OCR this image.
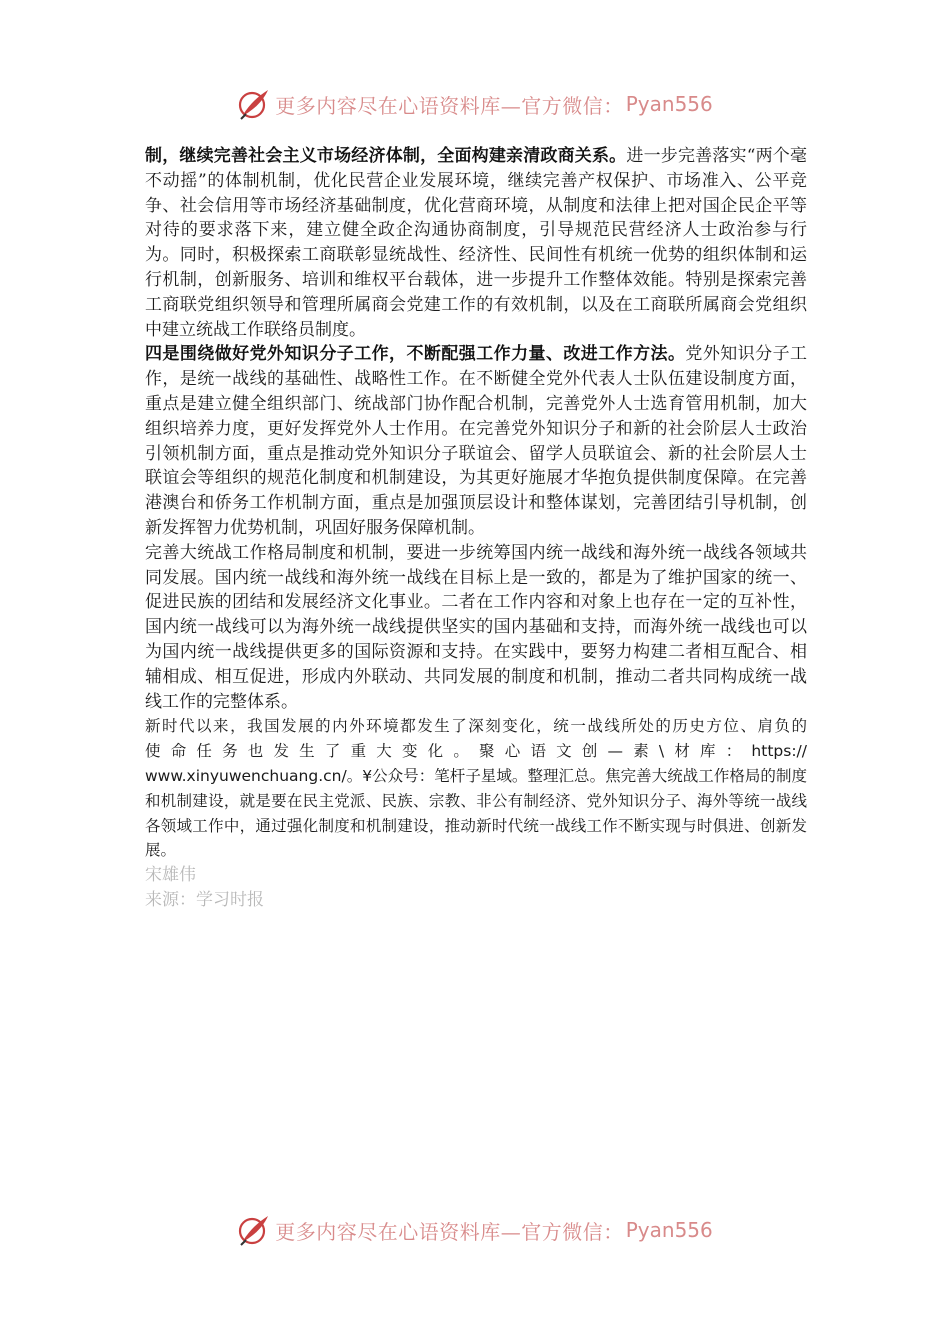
更多内容尽在心语资料库—官方微信： Pyan556

制，继续完善社会主义市场经济体制，全面构建亲清政商关系。进一步完善落实“两个毫不动摇”的体制机制，优化民营企业发展环境，继续完善产权保护、市场准入、公平竞争、社会信用等市场经济基础制度，优化营商环境，从制度和法律上把对国企民企平等对待的要求落下来，建立健全政企沟通协商制度，引导规范民营经济人士政治参与行为。同时，积极探索工商联彰显统战性、经济性、民间性有机统一优势的组织体制和运行机制，创新服务、培训和维权平台载体，进一步提升工作整体效能。特别是探索完善工商联党组织领导和管理所属商会党建工作的有效机制，以及在工商联所属商会党组织中建立统战工作联络员制度。

四是围绕做好党外知识分子工作，不断配强工作力量、改进工作方法。党外知识分子工作，是统一战线的基础性、战略性工作。在不断健全党外代表人士队伍建设制度方面，重点是建立健全组织部门、统战部门协作配合机制，完善党外人士选育管用机制，加大组织培养力度，更好发挥党外人士作用。在完善党外知识分子和新的社会阶层人士政治引领机制方面，重点是推动党外知识分子联谊会、留学人员联谊会、新的社会阶层人士联谊会等组织的规范化制度和机制建设，为其更好施展才华抱负提供制度保障。在完善港澳台和侨务工作机制方面，重点是加强顶层设计和整体谋划，完善团结引导机制，创新发挥智力优势机制，巩固好服务保障机制。

完善大统战工作格局制度和机制，要进一步统筹国内统一战线和海外统一战线各领域共同发展。国内统一战线和海外统一战线在目标上是一致的，都是为了维护国家的统一、促进民族的团结和发展经济文化事业。二者在工作内容和对象上也存在一定的互补性，国内统一战线可以为海外统一战线提供坚实的国内基础和支持，而海外统一战线也可以为国内统一战线提供更多的国际资源和支持。在实践中，要努力构建二者相互配合、相辅相成、相互促进，形成内外联动、共同发展的制度和机制，推动二者共同构成统一战线工作的完整体系。

新时代以来，我国发展的内外环境都发生了深刻变化，统一战线所处的历史方位、肩负的
使命任务也发生了重大变化。聚心语文创—素\材库：https://
www.xinyuwenchuang.cn/。¥公众号：笔杆子星域。整理汇总。焦完善大统战工作格局的制度和机制建设，就是要在民主党派、民族、宗教、非公有制经济、党外知识分子、海外等统一战线各领域工作中，通过强化制度和机制建设，推动新时代统一战线工作不断实现与时俱进、创新发展。
宋雄伟
来源：学习时报
更多内容尽在心语资料库—官方微信： Pyan556
